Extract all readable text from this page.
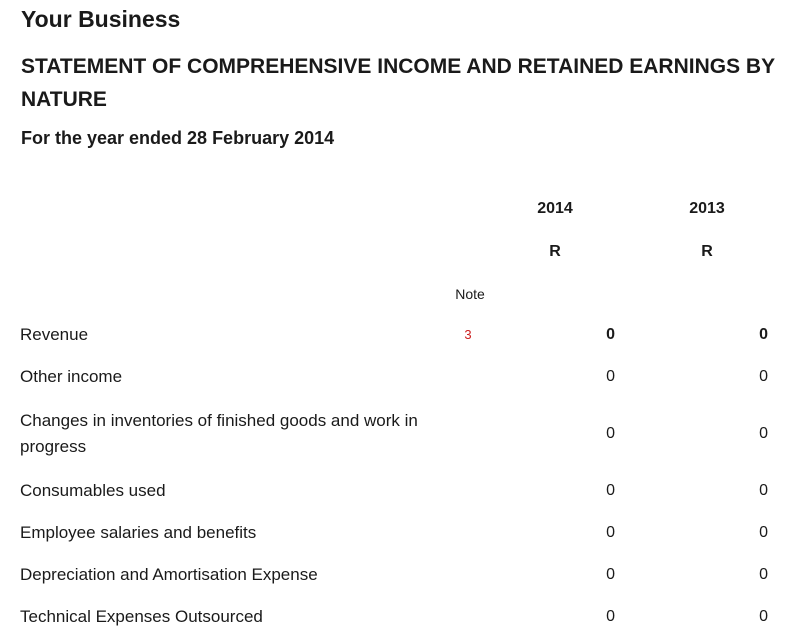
Your Business
STATEMENT OF COMPREHENSIVE INCOME AND RETAINED EARNINGS BY NATURE
For the year ended 28 February 2014
2014	2013
R	R
Note
Revenue	3	0	0
Other income	0	0
Changes in inventories of finished goods and work in progress
0	0
Consumables used	0	0
Employee salaries and benefits	0	0
Depreciation and Amortisation Expense	0	0
Technical Expenses Outsourced	0	0
